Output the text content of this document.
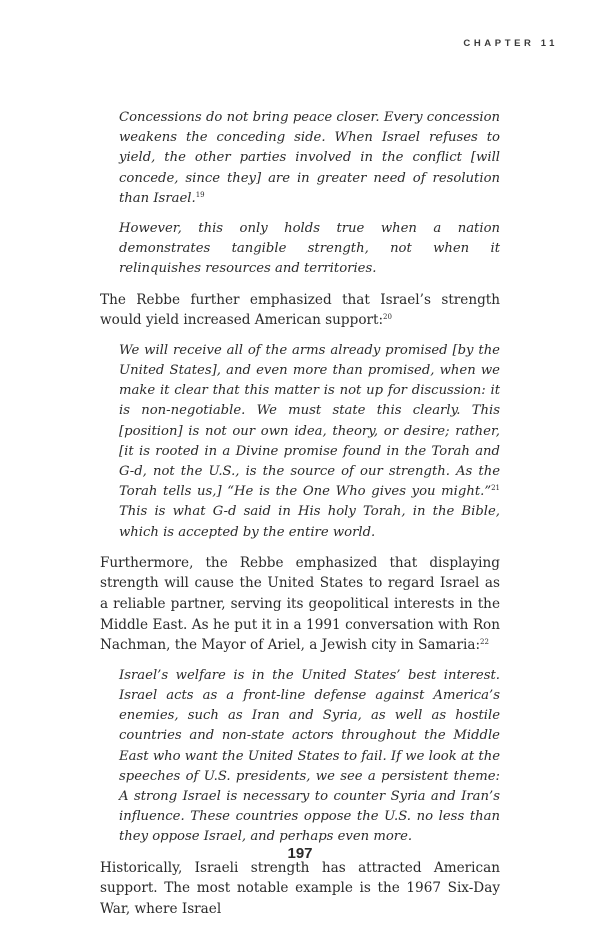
CHAPTER 11

Concessions do not bring peace closer. Every concession weakens the conceding side. When Israel refuses to yield, the other parties involved in the conflict [will concede, since they] are in greater need of resolution than Israel.$^{19}$

However, this only holds true when a nation demonstrates tangible strength, not when it relinquishes resources and territories.

The Rebbe further emphasized that Israel’s strength would yield increased American support:$^{20}$

We will receive all of the arms already promised [by the United States], and even more than promised, when we make it clear that this matter is not up for discussion: it is non-negotiable. We must state this clearly. This [position] is not our own idea, theory, or desire; rather, [it is rooted in a Divine promise found in the Torah and G-d, not the U.S., is the source of our strength. As the Torah tells us,] “He is the One Who gives you might.”$^{21}$ This is what G-d said in His holy Torah, in the Bible, which is accepted by the entire world.

Furthermore, the Rebbe emphasized that displaying strength will cause the United States to regard Israel as a reliable partner, serving its geopolitical interests in the Middle East. As he put it in a 1991 conversation with Ron Nachman, the Mayor of Ariel, a Jewish city in Samaria:$^{22}$

Israel’s welfare is in the United States’ best interest. Israel acts as a front-line defense against America’s enemies, such as Iran and Syria, as well as hostile countries and non-state actors throughout the Middle East who want the United States to fail. If we look at the speeches of U.S. presidents, we see a persistent theme: A strong Israel is necessary to counter Syria and Iran’s influence. These countries oppose the U.S. no less than they oppose Israel, and perhaps even more.

Historically, Israeli strength has attracted American support. The most notable example is the 1967 Six-Day War, where Israel
197
